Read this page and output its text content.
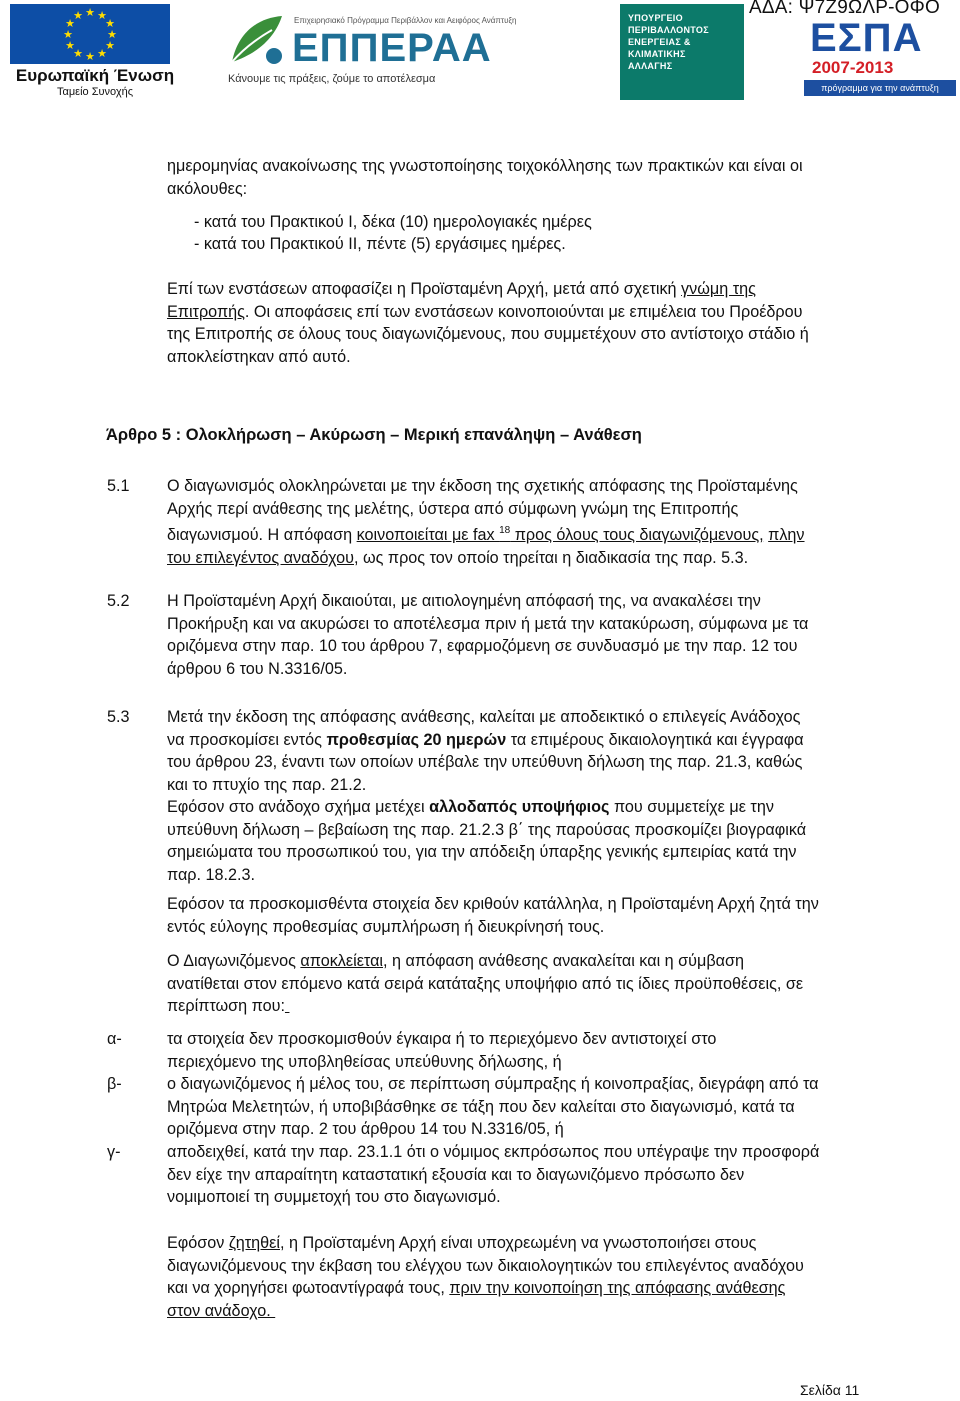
ΑΔΑ: Ψ7Ζ9ΩΛΡ-ΟΦΟ
★ ★
★
★
★
★
★
★
★
★
★
★
Ευρωπαϊκή Ένωση
Ταμείο Συνοχής
Επιχειρησιακό Πρόγραμμα Περιβάλλον και Αειφόρος Ανάπτυξη
ΕΠΠΕΡΑΑ
Κάνουμε τις πράξεις, ζούμε το αποτέλεσμα
ΥΠΟΥΡΓΕΙΟ
ΠΕΡΙΒΑΛΛΟΝΤΟΣ
ΕΝΕΡΓΕΙΑΣ &
ΚΛΙΜΑΤΙΚΗΣ
ΑΛΛΑΓΗΣ
ΕΣΠΑ
2007-2013
πρόγραμμα για την ανάπτυξη
ημερομηνίας ανακοίνωσης της γνωστοποίησης τοιχοκόλλησης των πρακτικών και είναι οι
ακόλουθες:
- κατά του Πρακτικού Ι, δέκα (10) ημερολογιακές ημέρες
- κατά του Πρακτικού ΙΙ, πέντε (5) εργάσιμες ημέρες.
Επί των ενστάσεων αποφασίζει η Προϊσταμένη Αρχή, μετά από σχετική γνώμη της
Επιτροπής. Οι αποφάσεις επί των ενστάσεων κοινοποιούνται με επιμέλεια του Προέδρου
της Επιτροπής σε όλους τους διαγωνιζόμενους, που συμμετέχουν στο αντίστοιχο στάδιο ή
αποκλείστηκαν από αυτό.
Άρθρο 5 : Ολοκλήρωση – Ακύρωση – Μερική επανάληψη – Ανάθεση
5.1 Ο διαγωνισμός ολοκληρώνεται με την έκδοση της σχετικής απόφασης της Προϊσταμένης
Αρχής περί ανάθεσης της μελέτης, ύστερα από σύμφωνη γνώμη της Επιτροπής
διαγωνισμού. Η απόφαση κοινοποιείται με fax $^{18}$ προς όλους τους διαγωνιζόμενους, πλην
του επιλεγέντος αναδόχου, ως προς τον οποίο τηρείται η διαδικασία της παρ. 5.3.
5.2 Η Προϊσταμένη Αρχή δικαιούται, με αιτιολογημένη απόφασή της, να ανακαλέσει την
Προκήρυξη και να ακυρώσει το αποτέλεσμα πριν ή μετά την κατακύρωση, σύμφωνα με τα
οριζόμενα στην παρ. 10 του άρθρου 7, εφαρμοζόμενη σε συνδυασμό με την παρ. 12 του
άρθρου 6 του Ν.3316/05.
5.3 Μετά την έκδοση της απόφασης ανάθεσης, καλείται με αποδεικτικό ο επιλεγείς Ανάδοχος
να προσκομίσει εντός προθεσμίας 20 ημερών τα επιμέρους δικαιολογητικά και έγγραφα
του άρθρου 23, έναντι των οποίων υπέβαλε την υπεύθυνη δήλωση της παρ. 21.3, καθώς
και το πτυχίο της παρ. 21.2.
Εφόσον στο ανάδοχο σχήμα μετέχει αλλοδαπός υποψήφιος που συμμετείχε με την
υπεύθυνη δήλωση – βεβαίωση της παρ. 21.2.3 β΄ της παρούσας προσκομίζει βιογραφικά
σημειώματα του προσωπικού του, για την απόδειξη ύπαρξης γενικής εμπειρίας κατά την
παρ. 18.2.3.
Εφόσον τα προσκομισθέντα στοιχεία δεν κριθούν κατάλληλα, η Προϊσταμένη Αρχή ζητά την
εντός εύλογης προθεσμίας συμπλήρωση ή διευκρίνησή τους.
Ο Διαγωνιζόμενος αποκλείεται, η απόφαση ανάθεσης ανακαλείται και η σύμβαση
ανατίθεται στον επόμενο κατά σειρά κατάταξης υποψήφιο από τις ίδιες προϋποθέσεις, σε
περίπτωση που:
α-	τα στοιχεία δεν προσκομισθούν έγκαιρα ή το περιεχόμενο δεν αντιστοιχεί στο
περιεχόμενο της υποβληθείσας υπεύθυνης δήλωσης, ή
β-	ο διαγωνιζόμενος ή μέλος του, σε περίπτωση σύμπραξης ή κοινοπραξίας, διεγράφη από τα
Μητρώα Μελετητών, ή υποβιβάσθηκε σε τάξη που δεν καλείται στο διαγωνισμό, κατά τα
οριζόμενα στην παρ. 2 του άρθρου 14 του Ν.3316/05, ή
γ-	αποδειχθεί, κατά την παρ. 23.1.1 ότι ο νόμιμος εκπρόσωπος που υπέγραψε την προσφορά
δεν είχε την απαραίτητη καταστατική εξουσία και το διαγωνιζόμενο πρόσωπο δεν
νομιμοποιεί τη συμμετοχή του στο διαγωνισμό.
Εφόσον ζητηθεί, η Προϊσταμένη Αρχή είναι υποχρεωμένη να γνωστοποιήσει στους
διαγωνιζόμενους την έκβαση του ελέγχου των δικαιολογητικών του επιλεγέντος αναδόχου
και να χορηγήσει φωτοαντίγραφά τους, πριν την κοινοποίηση της απόφασης ανάθεσης
στον ανάδοχο.
Σελίδα 11
